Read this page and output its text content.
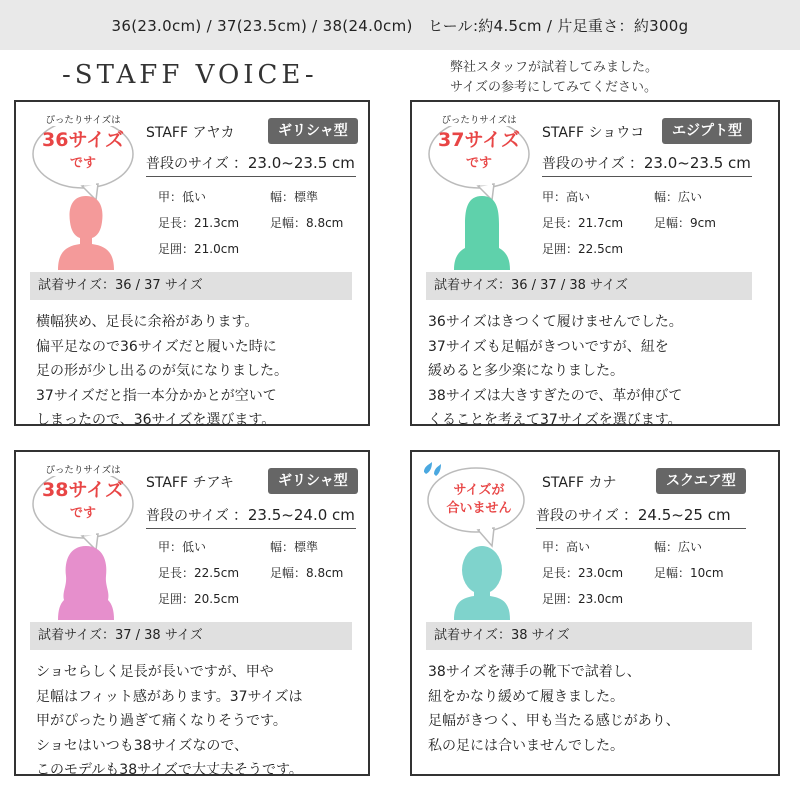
36(23.0cm) / 37(23.5cm) / 38(24.0cm)　ヒール:約4.5cm / 片足重さ：約300g
-STAFF VOICE-	弊社スタッフが試着してみました。
サイズの参考にしてみてください。
ぴったりサイズは
36サイズ
です
STAFF アヤカ	ギリシャ型
普段のサイズ ：23.0~23.5 cm
甲：低い	幅：標準
足長：21.3cm	足幅：8.8cm
足囲：21.0cm
試着サイズ：36 / 37 サイズ
横幅狭め、足長に余裕があります。
偏平足なので36サイズだと履いた時に
足の形が少し出るのが気になりました。
37サイズだと指一本分かかとが空いて
しまったので、36サイズを選びます。
ぴったりサイズは
37サイズ
です
STAFF ショウコ	エジプト型
普段のサイズ ：23.0~23.5 cm
甲：高い	幅：広い
足長：21.7cm	足幅：9cm
足囲：22.5cm
試着サイズ：36 / 37 / 38 サイズ
36サイズはきつくて履けませんでした。
37サイズも足幅がきついですが、紐を
緩めると多少楽になりました。
38サイズは大きすぎたので、革が伸びて
くることを考えて37サイズを選びます。
ぴったりサイズは
38サイズ
です
STAFF チアキ	ギリシャ型
普段のサイズ ：23.5~24.0 cm
甲：低い	幅：標準
足長：22.5cm	足幅：8.8cm
足囲：20.5cm
試着サイズ：37 / 38 サイズ
ショセらしく足長が長いですが、甲や
足幅はフィット感があります。37サイズは
甲がぴったり過ぎて痛くなりそうです。
ショセはいつも38サイズなので、
このモデルも38サイズで大丈夫そうです。
サイズが
合いません
STAFF カナ	スクエア型
普段のサイズ ：24.5~25 cm
甲：高い	幅：広い
足長：23.0cm	足幅：10cm
足囲：23.0cm
試着サイズ：38 サイズ
38サイズを薄手の靴下で試着し、
紐をかなり緩めて履きました。
足幅がきつく、甲も当たる感じがあり、
私の足には合いませんでした。
